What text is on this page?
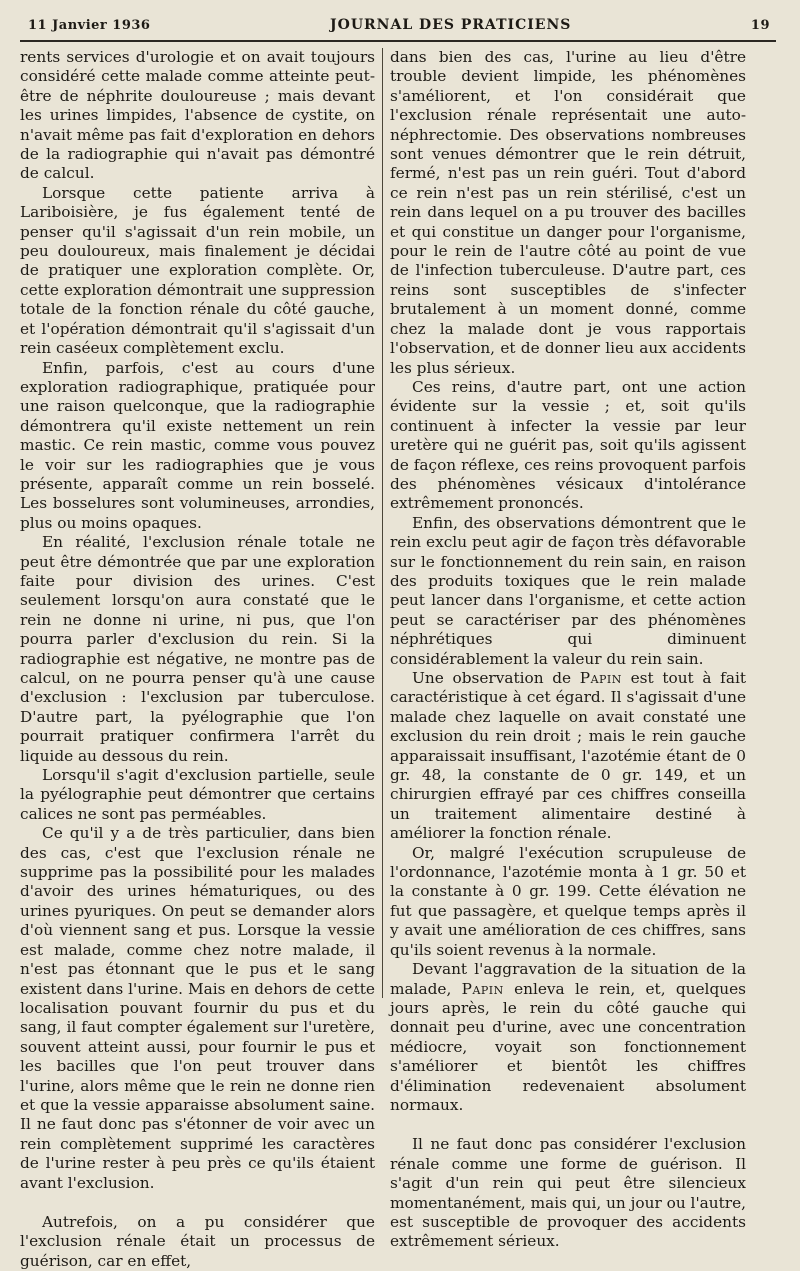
11 Janvier 1936	JOURNAL DES PRATICIENS	19

rents services d'urologie et on avait toujours considéré cette malade comme atteinte peut-être de néphrite douloureuse ; mais devant les urines limpides, l'absence de cystite, on n'avait même pas fait d'exploration en dehors de la radiographie qui n'avait pas démontré de calcul.

Lorsque cette patiente arriva à Lariboisière, je fus également tenté de penser qu'il s'agissait d'un rein mobile, un peu douloureux, mais finalement je décidai de pratiquer une exploration complète. Or, cette exploration démontrait une suppression totale de la fonction rénale du côté gauche, et l'opération démontrait qu'il s'agissait d'un rein caséeux complètement exclu.

Enfin, parfois, c'est au cours d'une exploration radiographique, pratiquée pour une raison quelconque, que la radiographie démontrera qu'il existe nettement un rein mastic. Ce rein mastic, comme vous pouvez le voir sur les radiographies que je vous présente, apparaît comme un rein bosselé. Les bosselures sont volumineuses, arrondies, plus ou moins opaques.

En réalité, l'exclusion rénale totale ne peut être démontrée que par une exploration faite pour division des urines. C'est seulement lorsqu'on aura constaté que le rein ne donne ni urine, ni pus, que l'on pourra parler d'exclusion du rein. Si la radiographie est négative, ne montre pas de calcul, on ne pourra penser qu'à une cause d'exclusion : l'exclusion par tuberculose. D'autre part, la pyélographie que l'on pourrait pratiquer confirmera l'arrêt du liquide au dessous du rein.

Lorsqu'il s'agit d'exclusion partielle, seule la pyélographie peut démontrer que certains calices ne sont pas perméables.

Ce qu'il y a de très particulier, dans bien des cas, c'est que l'exclusion rénale ne supprime pas la possibilité pour les malades d'avoir des urines hématuriques, ou des urines pyuriques. On peut se demander alors d'où viennent sang et pus. Lorsque la vessie est malade, comme chez notre malade, il n'est pas étonnant que le pus et le sang existent dans l'urine. Mais en dehors de cette localisation pouvant fournir du pus et du sang, il faut compter également sur l'uretère, souvent atteint aussi, pour fournir le pus et les bacilles que l'on peut trouver dans l'urine, alors même que le rein ne donne rien et que la vessie apparaisse absolument saine. Il ne faut donc pas s'étonner de voir avec un rein complètement supprimé les caractères de l'urine rester à peu près ce qu'ils étaient avant l'exclusion.

Autrefois, on a pu considérer que l'exclusion rénale était un processus de guérison, car en effet,

dans bien des cas, l'urine au lieu d'être trouble devient limpide, les phénomènes s'améliorent, et l'on considérait que l'exclusion rénale représentait une auto-néphrectomie. Des observations nombreuses sont venues démontrer que le rein détruit, fermé, n'est pas un rein guéri. Tout d'abord ce rein n'est pas un rein stérilisé, c'est un rein dans lequel on a pu trouver des bacilles et qui constitue un danger pour l'organisme, pour le rein de l'autre côté au point de vue de l'infection tuberculeuse. D'autre part, ces reins sont susceptibles de s'infecter brutalement à un moment donné, comme chez la malade dont je vous rapportais l'observation, et de donner lieu aux accidents les plus sérieux.

Ces reins, d'autre part, ont une action évidente sur la vessie ; et, soit qu'ils continuent à infecter la vessie par leur uretère qui ne guérit pas, soit qu'ils agissent de façon réflexe, ces reins provoquent parfois des phénomènes vésicaux d'intolérance extrêmement prononcés.

Enfin, des observations démontrent que le rein exclu peut agir de façon très défavorable sur le fonctionnement du rein sain, en raison des produits toxiques que le rein malade peut lancer dans l'organisme, et cette action peut se caractériser par des phénomènes néphrétiques qui diminuent considérablement la valeur du rein sain.

Une observation de Papin est tout à fait caractéristique à cet égard. Il s'agissait d'une malade chez laquelle on avait constaté une exclusion du rein droit ; mais le rein gauche apparaissait insuffisant, l'azotémie étant de 0 gr. 48, la constante de 0 gr. 149, et un chirurgien effrayé par ces chiffres conseilla un traitement alimentaire destiné à améliorer la fonction rénale.

Or, malgré l'exécution scrupuleuse de l'ordonnance, l'azotémie monta à 1 gr. 50 et la constante à 0 gr. 199. Cette élévation ne fut que passagère, et quelque temps après il y avait une amélioration de ces chiffres, sans qu'ils soient revenus à la normale.

Devant l'aggravation de la situation de la malade, Papin enleva le rein, et, quelques jours après, le rein du côté gauche qui donnait peu d'urine, avec une concentration médiocre, voyait son fonctionnement s'améliorer et bientôt les chiffres d'élimination redevenaient absolument normaux.

Il ne faut donc pas considérer l'exclusion rénale comme une forme de guérison. Il s'agit d'un rein qui peut être silencieux momentanément, mais qui, un jour ou l'autre, est susceptible de provoquer des accidents extrêmement sérieux.
